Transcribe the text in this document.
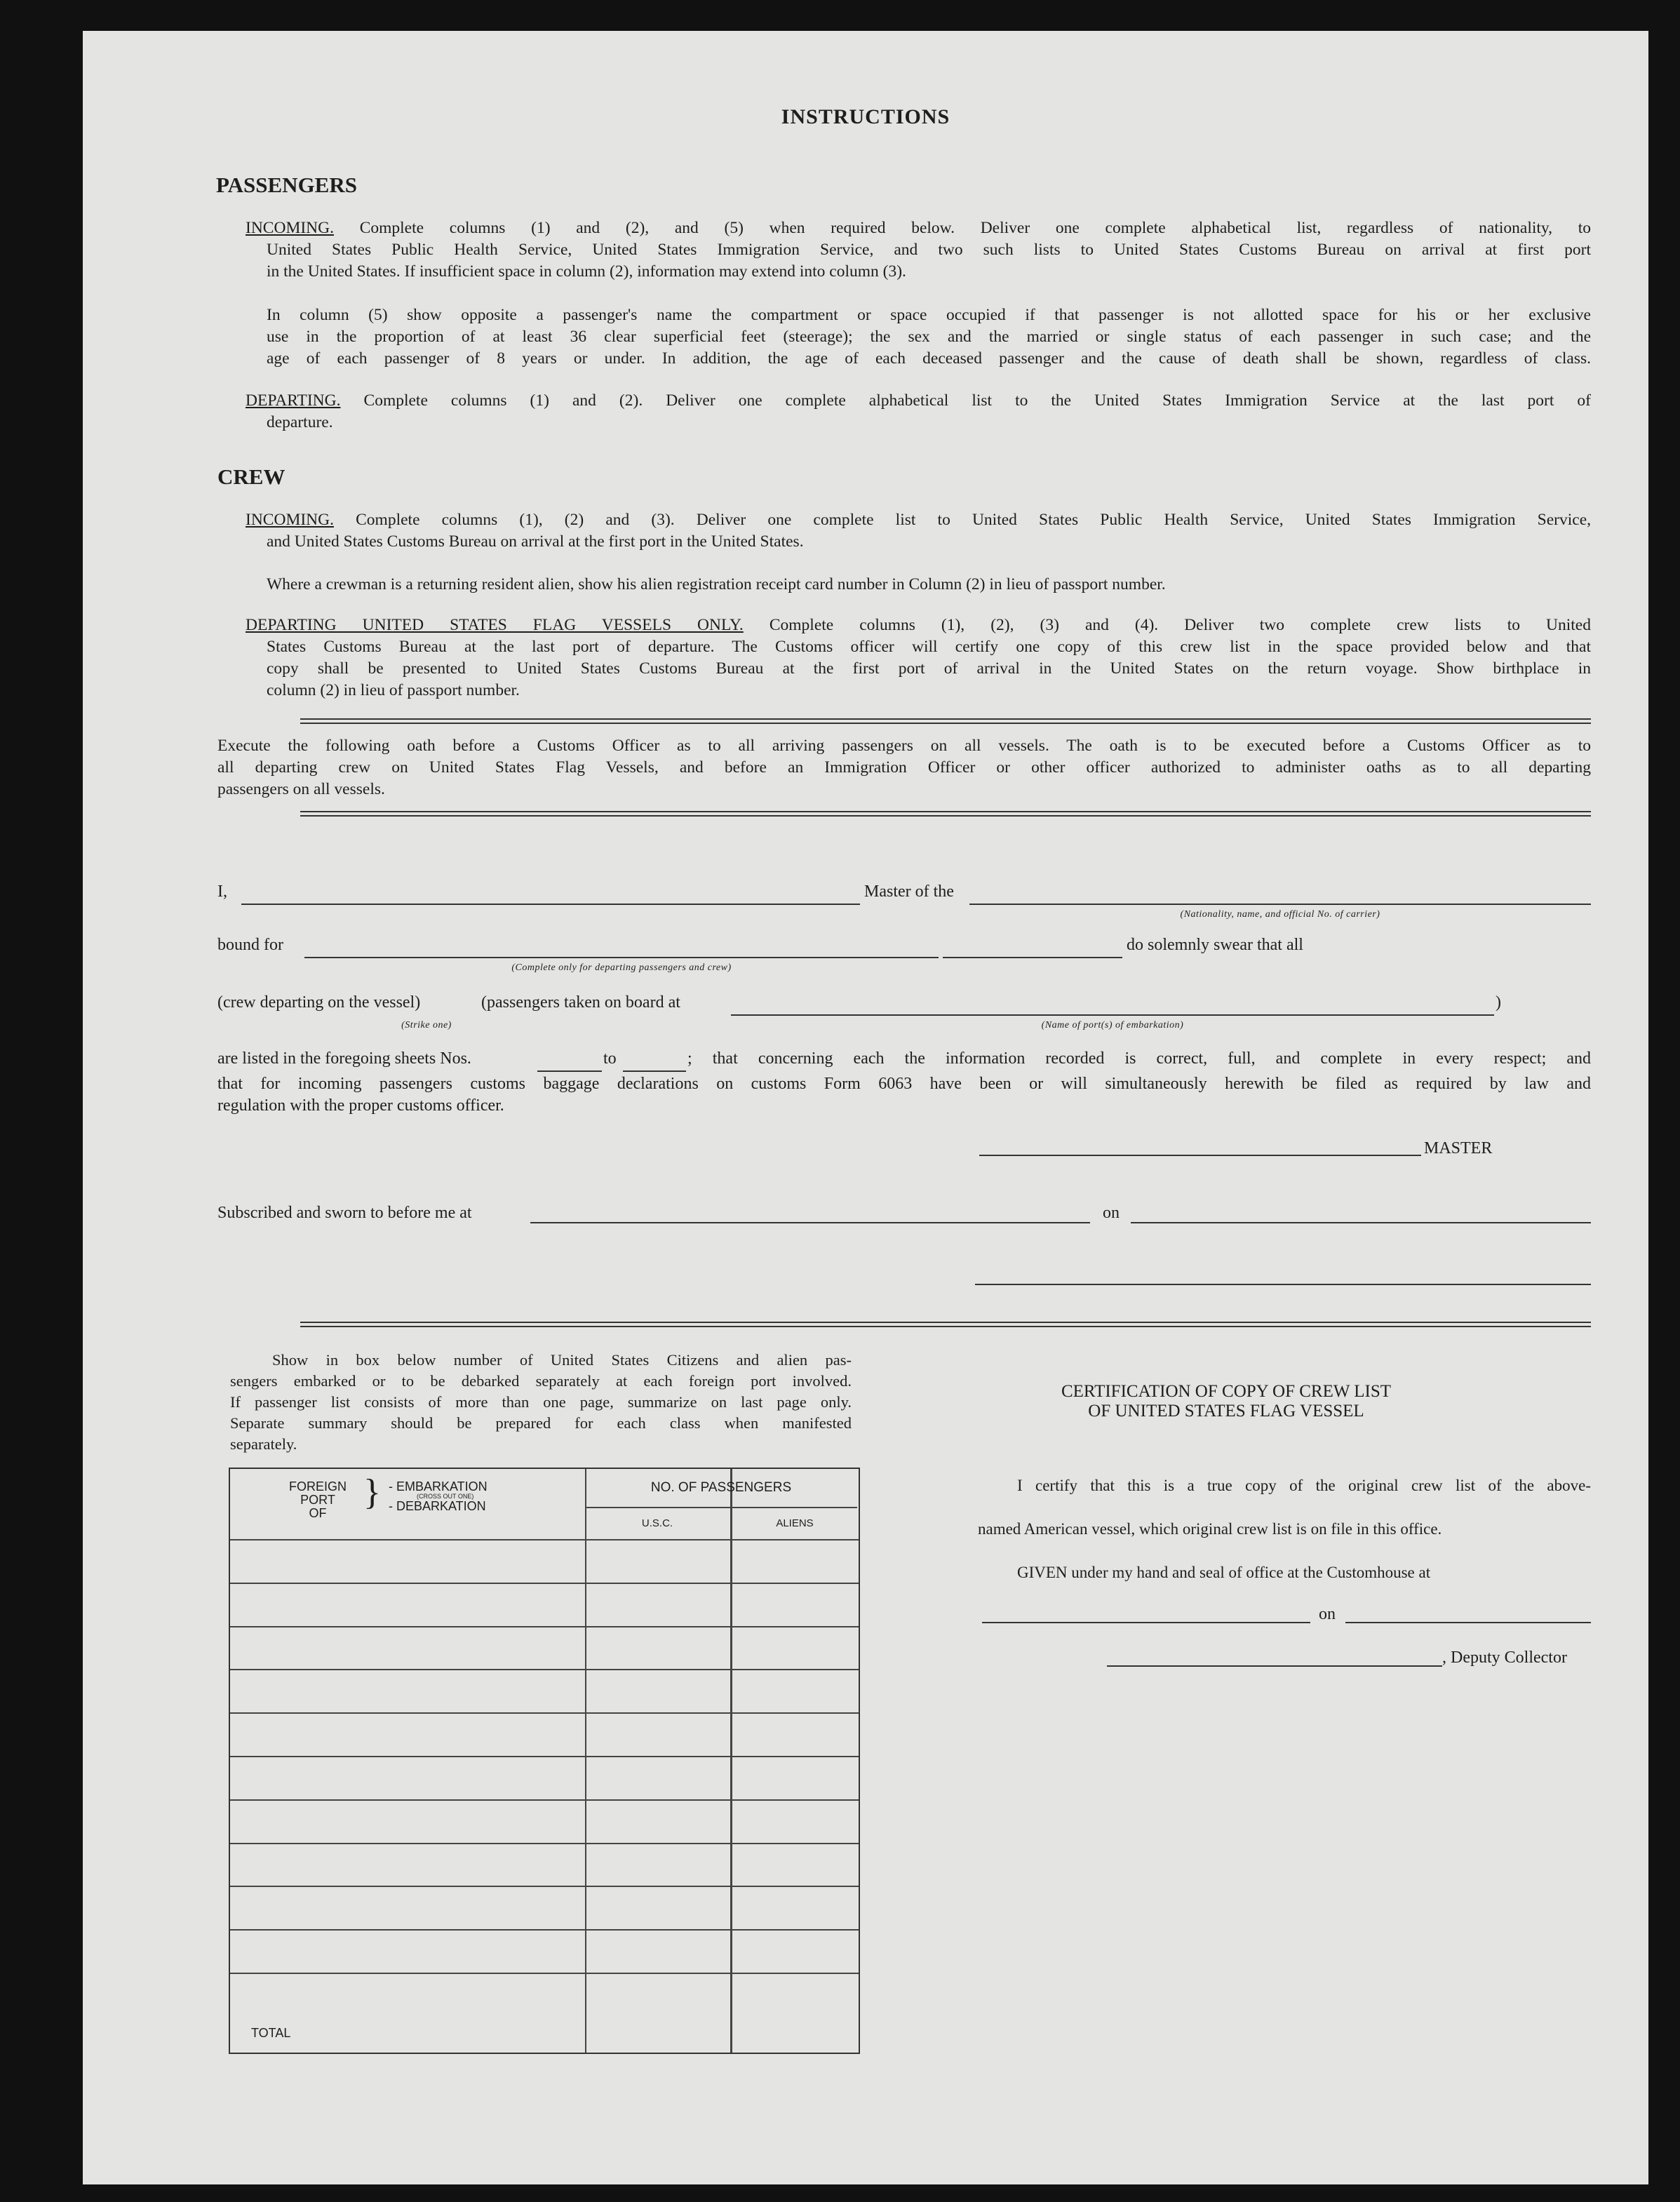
INSTRUCTIONS
PASSENGERS
INCOMING. Complete columns (1) and (2), and (5) when required below. Deliver one complete alphabetical list, regardless of nationality, to
United States Public Health Service, United States Immigration Service, and two such lists to United States Customs Bureau on arrival at first port
in the United States. If insufficient space in column (2), information may extend into column (3).
In column (5) show opposite a passenger's name the compartment or space occupied if that passenger is not allotted space for his or her exclusive
use in the proportion of at least 36 clear superficial feet (steerage); the sex and the married or single status of each passenger in such case; and the
age of each passenger of 8 years or under. In addition, the age of each deceased passenger and the cause of death shall be shown, regardless of class.
DEPARTING. Complete columns (1) and (2). Deliver one complete alphabetical list to the United States Immigration Service at the last port of
departure.
CREW
INCOMING. Complete columns (1), (2) and (3). Deliver one complete list to United States Public Health Service, United States Immigration Service,
and United States Customs Bureau on arrival at the first port in the United States.
Where a crewman is a returning resident alien, show his alien registration receipt card number in Column (2) in lieu of passport number.
DEPARTING UNITED STATES FLAG VESSELS ONLY. Complete columns (1), (2), (3) and (4). Deliver two complete crew lists to United
States Customs Bureau at the last port of departure. The Customs officer will certify one copy of this crew list in the space provided below and that
copy shall be presented to United States Customs Bureau at the first port of arrival in the United States on the return voyage. Show birthplace in
column (2) in lieu of passport number.
Execute the following oath before a Customs Officer as to all arriving passengers on all vessels. The oath is to be executed before a Customs Officer as to
all departing crew on United States Flag Vessels, and before an Immigration Officer or other officer authorized to administer oaths as to all departing
passengers on all vessels.
I,	Master of the
(Nationality, name, and official No. of carrier)
bound for	do solemnly swear that all
(Complete only for departing passengers and crew)
(crew departing on the vessel)	(passengers taken on board at	)
(Strike one)	(Name of port(s) of embarkation)
are listed in the foregoing sheets Nos.	to	; that concerning each the information recorded is correct, full, and complete in every respect; and
that for incoming passengers customs baggage declarations on customs Form 6063 have been or will simultaneously herewith be filed as required by law and
regulation with the proper customs officer.
MASTER
Subscribed and sworn to before me at	on
Show in box below number of United States Citizens and alien pas-
sengers embarked or to be debarked separately at each foreign port involved.
If passenger list consists of more than one page, summarize on last page only.
Separate summary should be prepared for each class when manifested
separately.
FOREIGN
PORT
OF
} - EMBARKATION
(CROSS OUT ONE)
- DEBARKATION
NO. OF PASSENGERS
U.S.C.	ALIENS
TOTAL
CERTIFICATION OF COPY OF CREW LIST
OF UNITED STATES FLAG VESSEL
I certify that this is a true copy of the original crew list of the above-
named American vessel, which original crew list is on file in this office.
GIVEN under my hand and seal of office at the Customhouse at
on
, Deputy Collector
